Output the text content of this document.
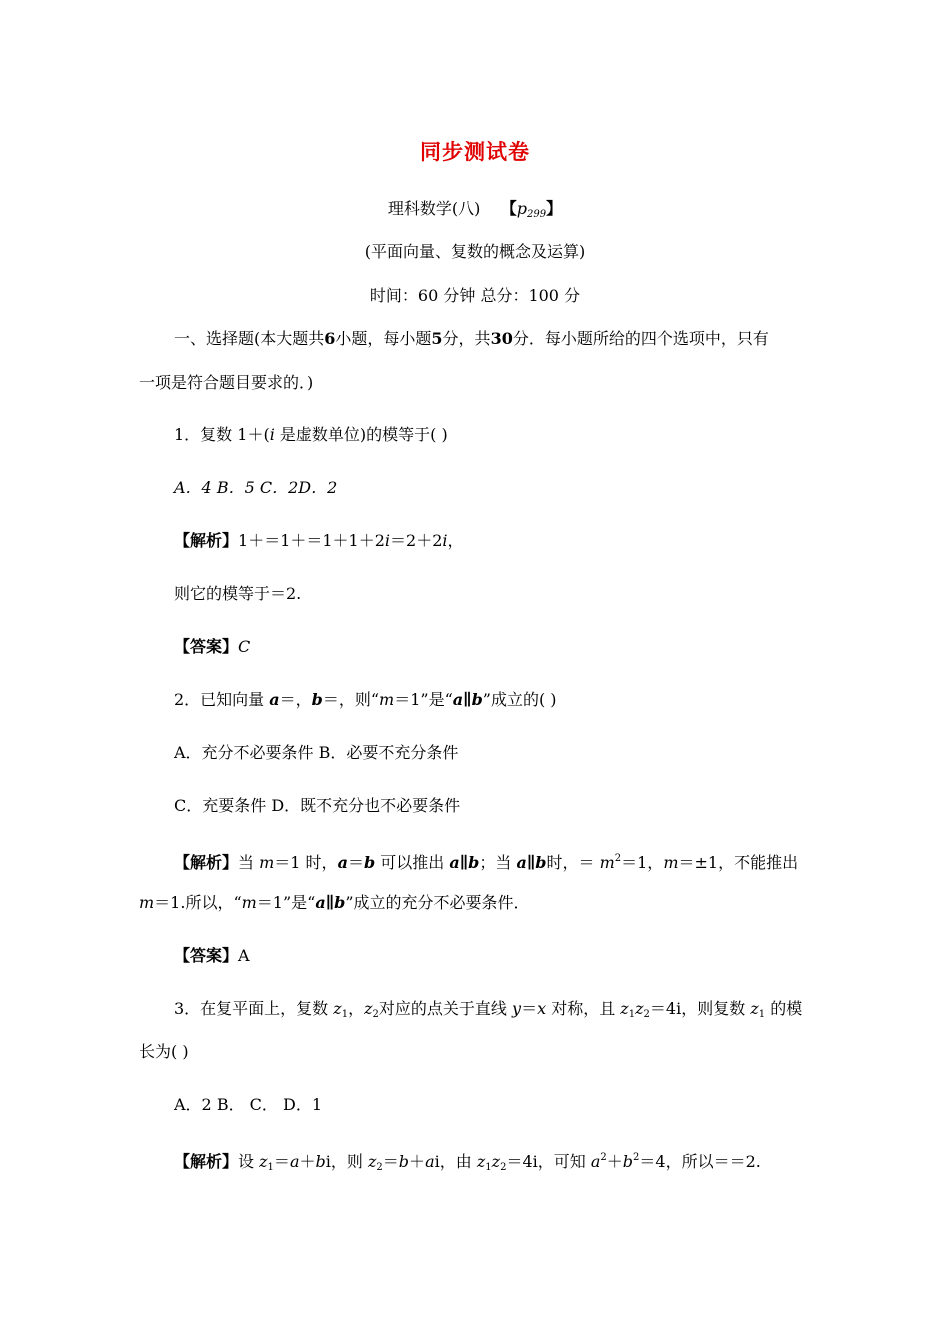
同步测试卷
理科数学(八) 【$p_{299}$】
(平面向量、复数的概念及运算)
时间：60 分钟 总分：100 分
一、选择题(本大题共6小题，每小题5分，共30分．每小题所给的四个选项中，只有
一项是符合题目要求的．)
1．复数 1＋(i 是虚数单位)的模等于( )
A．4 B．5 C．2D．2
【解析】1＋＝1＋＝1＋1＋2i＝2＋2i，
则它的模等于＝2.
【答案】C
2．已知向量 a＝，b＝，则“m＝1”是“a∥b”成立的( )
A．充分不必要条件 B．必要不充分条件
C．充要条件 D．既不充分也不必要条件
【解析】当 m＝1 时，a＝b 可以推出 a∥b；当 a∥b时，＝ $m^2=1$，m＝±1，不能推出
m＝1.所以，“m＝1”是“a∥b”成立的充分不必要条件．
【答案】A
3．在复平面上，复数 $z_1$，$z_2$对应的点关于直线 y＝x 对称，且 $z_1z_2=4i$，则复数 $z_1$ 的模
长为( )
A．2 B． C． D．1
【解析】设 $z_1=a+bi$，则 $z_2=b+ai$，由 $z_1z_2=4i$，可知 $a^2+b^2=4$，所以＝＝2.
